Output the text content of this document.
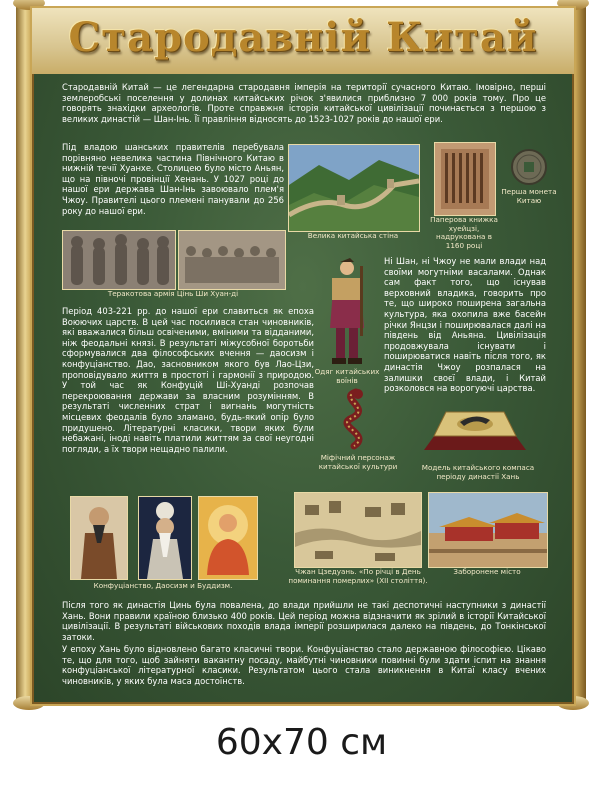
Стародавній Китай
Стародавній Китай — це легендарна стародавня імперія на території сучасного Китаю. Імовірно, перші землеробські поселення у долинах китайських річок з'явилися приблизно 7 000 років тому. Про це говорять знахідки археологів. Проте справжня історія китайської цивілізації починається з першою з великих династій — Шан-Інь. Її правління відносять до 1523-1027 років до нашої ери.
Під владою шанських правителів перебувала порівняно невелика частина Північного Китаю в нижній течії Хуанхе. Столицею було місто Аньян, що на півночі провінції Хенань. У 1027 році до нашої ери держава Шан-Інь завоювало плем'я Чжоу. Правителі цього племені панували до 256 року до нашої ери.
Велика китайська стіна
Паперова книжка хуейцзі, надрукована в 1160 році
Перша монета Китаю
Теракотова армія Цінь Ши Хуан-ді
Одяг китайських воїнів
Ні Шан, ні Чжоу не мали влади над своїми могутніми васалами. Однак сам факт того, що існував верховний владика, говорить про те, що широко поширена загальна культура, яка охопила вже басейн річки Янцзи і поширювалася далі на південь від Аньяна. Цивілізація продовжувала існувати і поширюватися навіть після того, як династія Чжоу розпалася на залишки своєї влади, і Китай розколовся на ворогуючі царства.
Період 403-221 рр. до нашої ери славиться як епоха Воюючих царств. В цей час посилився стан чиновників, які вважалися більш освіченими, вміними та відданими, ніж феодальні князі. В результаті міжусобної боротьби сформувалися два філософських вчення — даосизм і конфуціанство. Дао, засновником якого був Лао-Цзи, проповідувало життя в простоті і гармонії з природою. У той час як Конфуцій Ші-Хуанді розпочав перекроювання держави за власним розумінням. В результаті численних страт і вигнань могутність місцевих феодалів було зламано, будь-який опір було придушено. Літературні класики, твори яких були небажані, іноді навіть платили життям за свої неугодні погляди, а їх твори нещадно палили.
Міфічний персонаж китайської культури	Модель китайського компаса періоду династії Хань
Конфуціанство, Даосизм и Буддизм.
Чжан Цзедуань. «По річці в День поминання померлих» (XII століття).
Заборонене місто
Після того як династія Цинь була повалена, до влади прийшли не такі деспотичні наступники з династії Хань. Вони правили країною близько 400 років. Цей період можна відзначити як зрілий в історії Китайської цивілізації. В результаті військових походів влада імперії розширилася далеко на південь, до Тонкінської затоки.
У епоху Хань було відновлено багато класичні твори. Конфуціанство стало державною філософією. Цікаво те, що для того, щоб зайняти вакантну посаду, майбутні чиновники повинні були здати іспит на знання конфуціанської літературної класики. Результатом цього стала виникнення в Китаї класу вчених чиновників, у яких була маса достоїнств.
60x70 см
